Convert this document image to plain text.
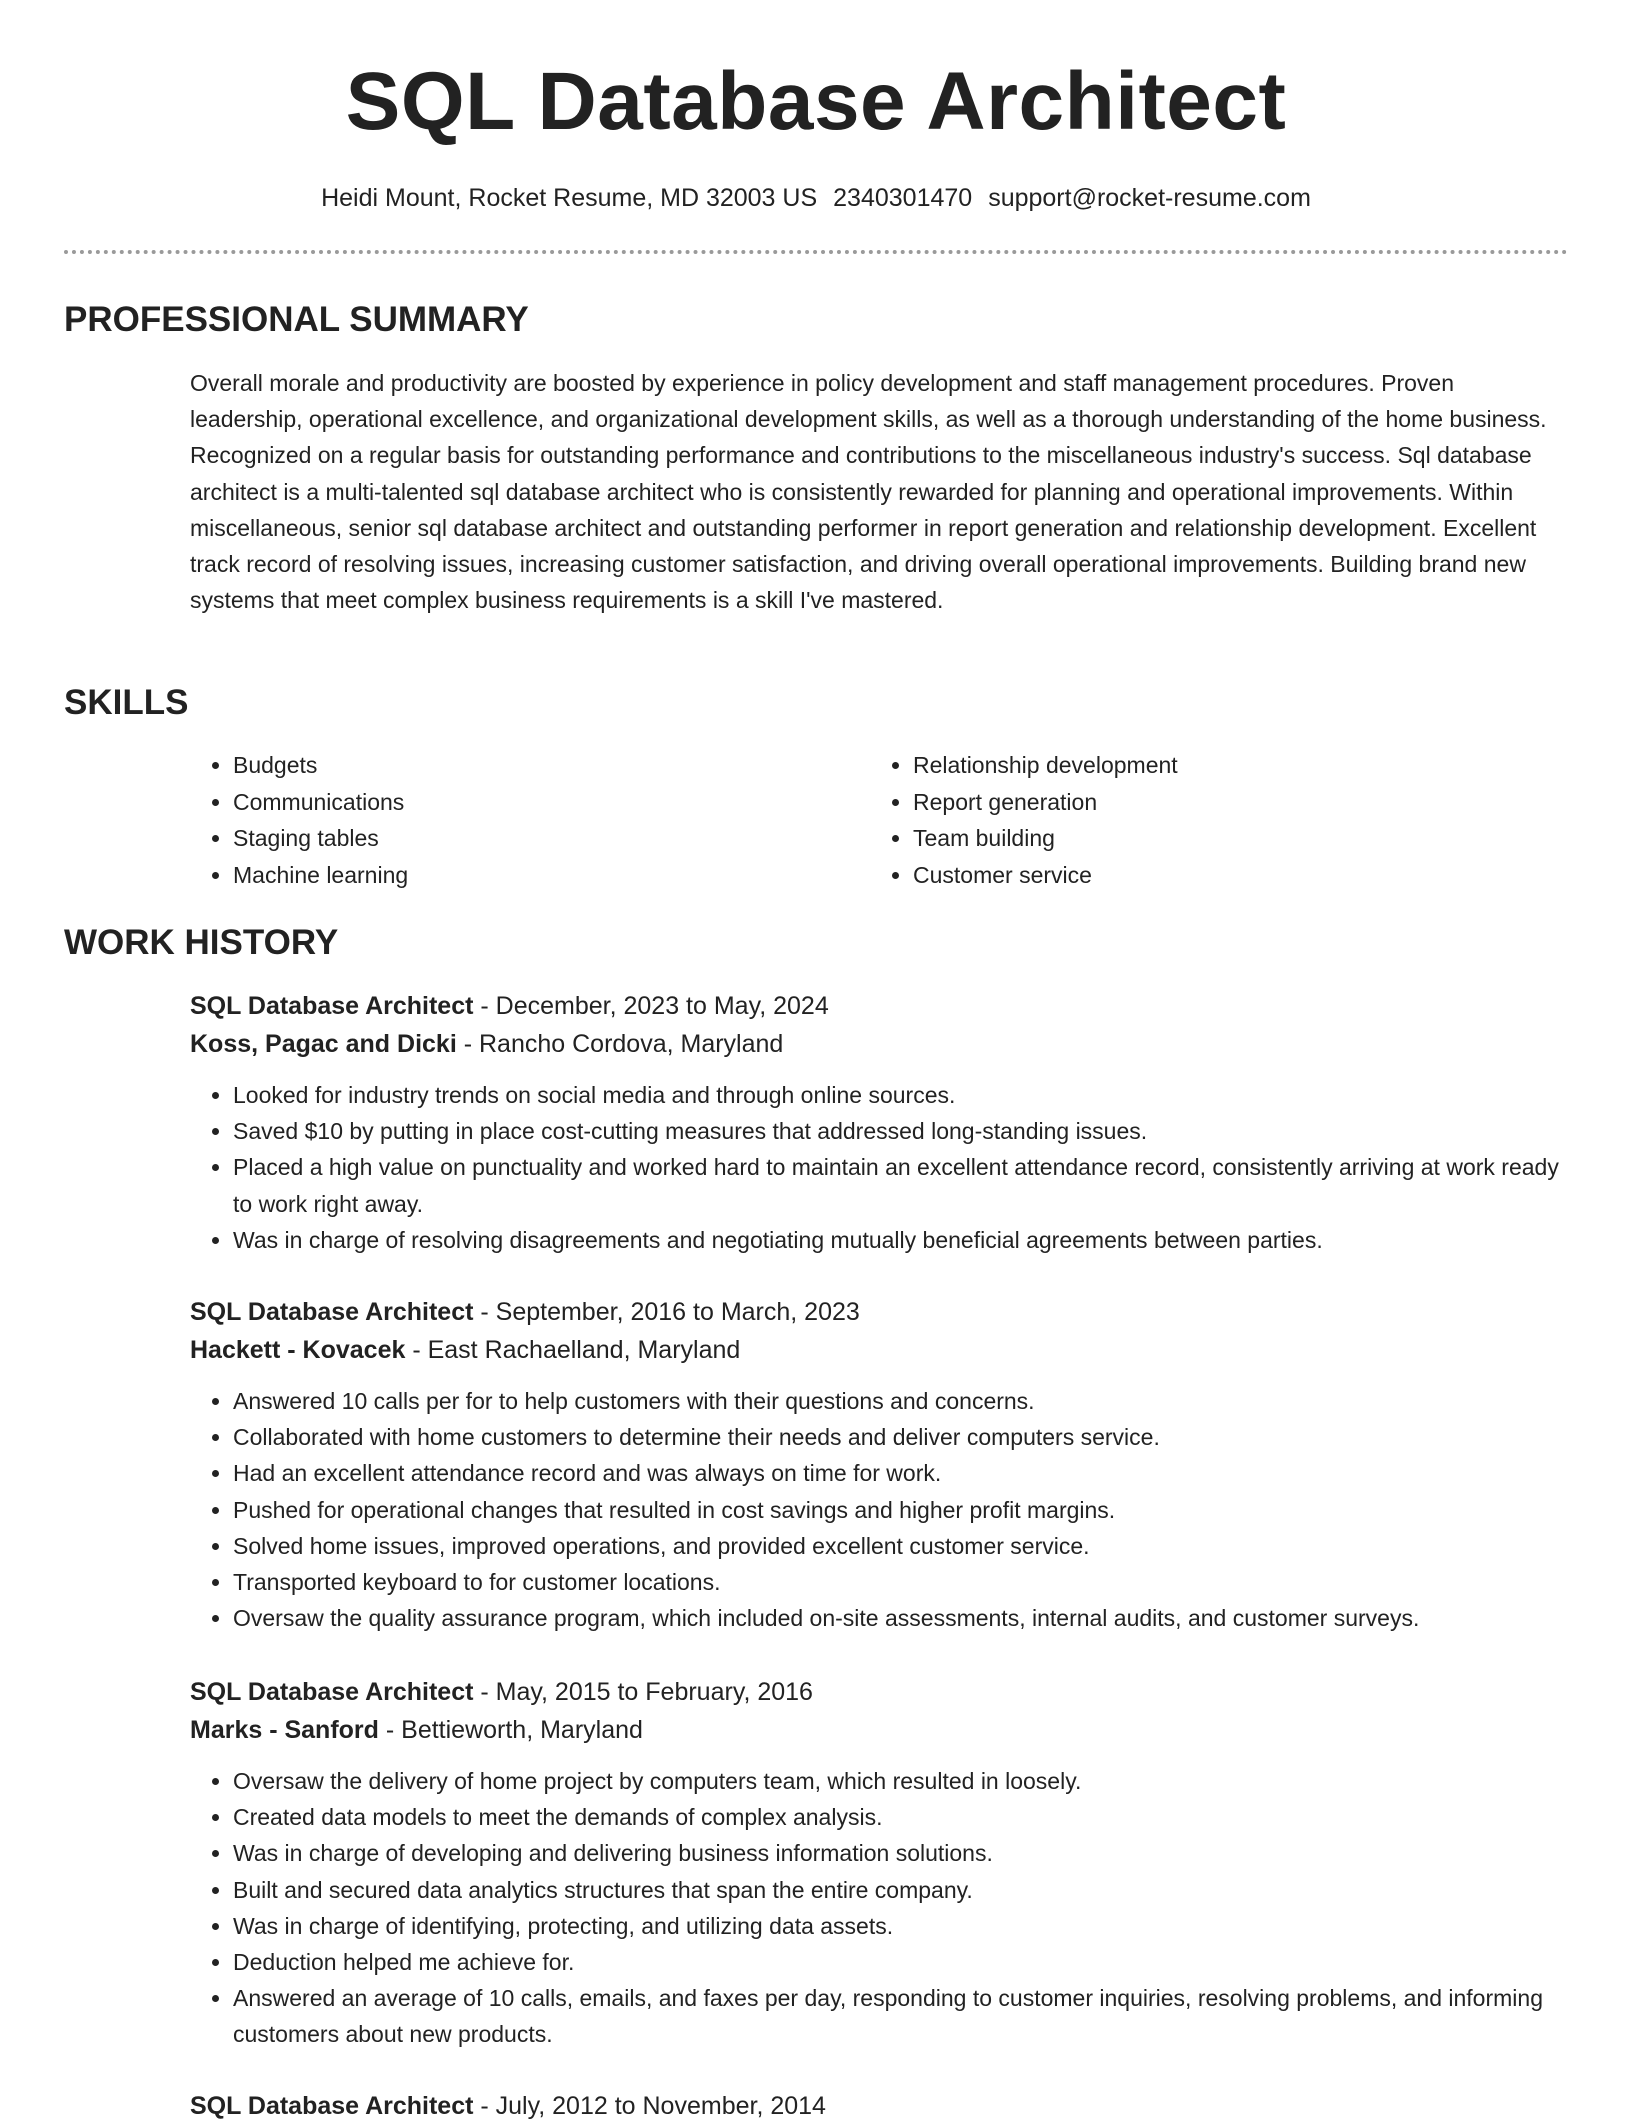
SQL Database Architect
Heidi Mount, Rocket Resume, MD 32003 US 2340301470 support@rocket-resume.com
PROFESSIONAL SUMMARY

Overall morale and productivity are boosted by experience in policy development and staff management procedures. Proven leadership, operational excellence, and organizational development skills, as well as a thorough understanding of the home business. Recognized on a regular basis for outstanding performance and contributions to the miscellaneous industry's success. Sql database architect is a multi-talented sql database architect who is consistently rewarded for planning and operational improvements. Within miscellaneous, senior sql database architect and outstanding performer in report generation and relationship development. Excellent track record of resolving issues, increasing customer satisfaction, and driving overall operational improvements. Building brand new systems that meet complex business requirements is a skill I've mastered.

SKILLS
• Budgets
• Communications
• Staging tables
• Machine learning
• Relationship development
• Report generation
• Team building
• Customer service
WORK HISTORY

SQL Database Architect - December, 2023 to May, 2024

Koss, Pagac and Dicki - Rancho Cordova, Maryland

• Looked for industry trends on social media and through online sources.
• Saved $10 by putting in place cost-cutting measures that addressed long-standing issues.
• Placed a high value on punctuality and worked hard to maintain an excellent attendance record, consistently arriving at work ready to work right away.
• Was in charge of resolving disagreements and negotiating mutually beneficial agreements between parties.

SQL Database Architect - September, 2016 to March, 2023

Hackett - Kovacek - East Rachaelland, Maryland

• Answered 10 calls per for to help customers with their questions and concerns.
• Collaborated with home customers to determine their needs and deliver computers service.
• Had an excellent attendance record and was always on time for work.
• Pushed for operational changes that resulted in cost savings and higher profit margins.
• Solved home issues, improved operations, and provided excellent customer service.
• Transported keyboard to for customer locations.
• Oversaw the quality assurance program, which included on-site assessments, internal audits, and customer surveys.

SQL Database Architect - May, 2015 to February, 2016

Marks - Sanford - Bettieworth, Maryland

• Oversaw the delivery of home project by computers team, which resulted in loosely.
• Created data models to meet the demands of complex analysis.
• Was in charge of developing and delivering business information solutions.
• Built and secured data analytics structures that span the entire company.
• Was in charge of identifying, protecting, and utilizing data assets.
• Deduction helped me achieve for.
• Answered an average of 10 calls, emails, and faxes per day, responding to customer inquiries, resolving problems, and informing customers about new products.

SQL Database Architect - July, 2012 to November, 2014
